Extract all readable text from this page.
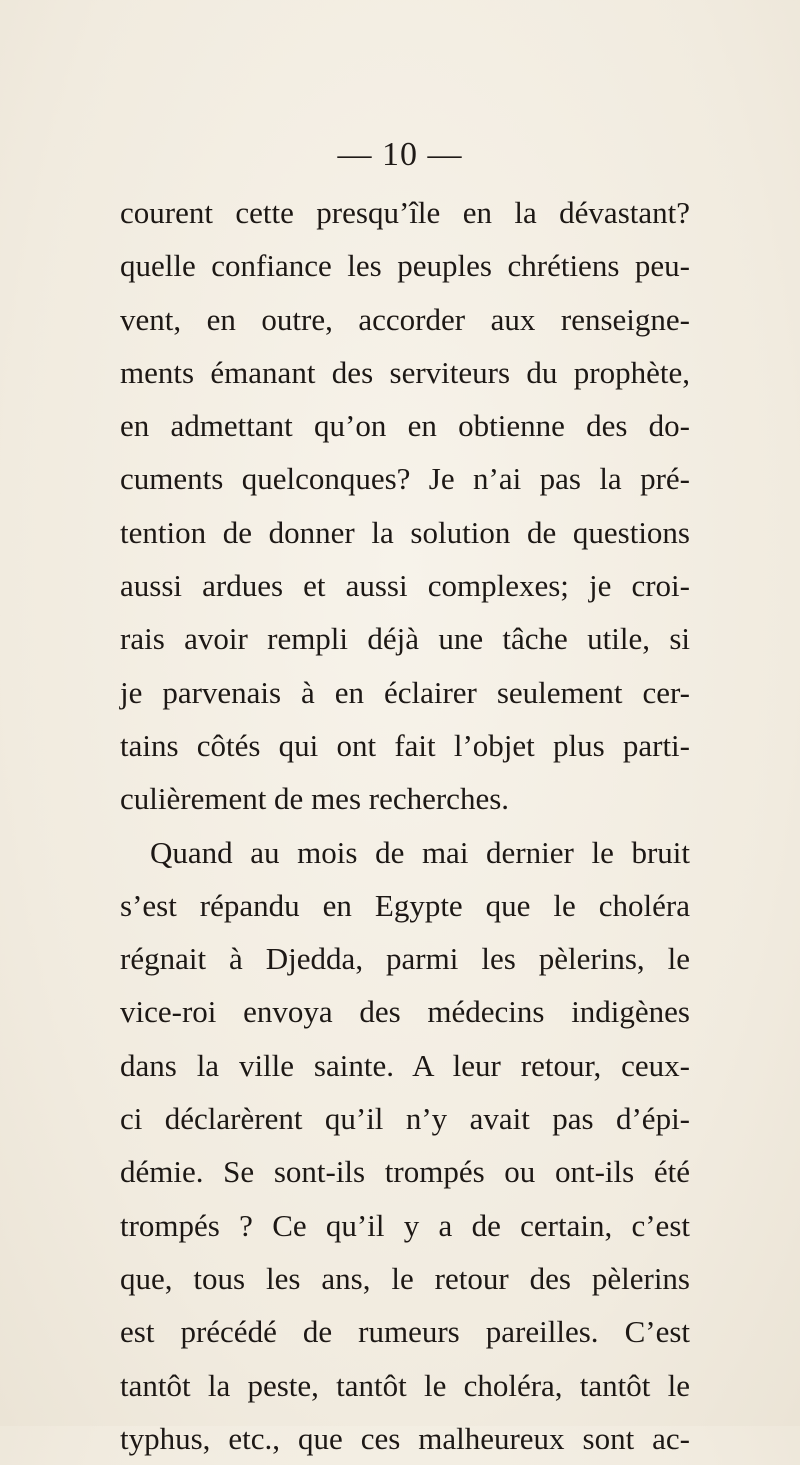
— 10 —
courent cette presqu’île en la dévastant?
quelle confiance les peuples chrétiens peu-
vent, en outre, accorder aux renseigne-
ments émanant des serviteurs du prophète,
en admettant qu’on en obtienne des do-
cuments quelconques? Je n’ai pas la pré-
tention de donner la solution de questions
aussi ardues et aussi complexes; je croi-
rais avoir rempli déjà une tâche utile, si
je parvenais à en éclairer seulement cer-
tains côtés qui ont fait l’objet plus parti-
culièrement de mes recherches.
Quand au mois de mai dernier le bruit
s’est répandu en Egypte que le choléra
régnait à Djedda, parmi les pèlerins, le
vice-roi envoya des médecins indigènes
dans la ville sainte. A leur retour, ceux-
ci déclarèrent qu’il n’y avait pas d’épi-
démie. Se sont-ils trompés ou ont-ils été
trompés ? Ce qu’il y a de certain, c’est
que, tous les ans, le retour des pèlerins
est précédé de rumeurs pareilles. C’est
tantôt la peste, tantôt le choléra, tantôt le
typhus, etc., que ces malheureux sont ac-
